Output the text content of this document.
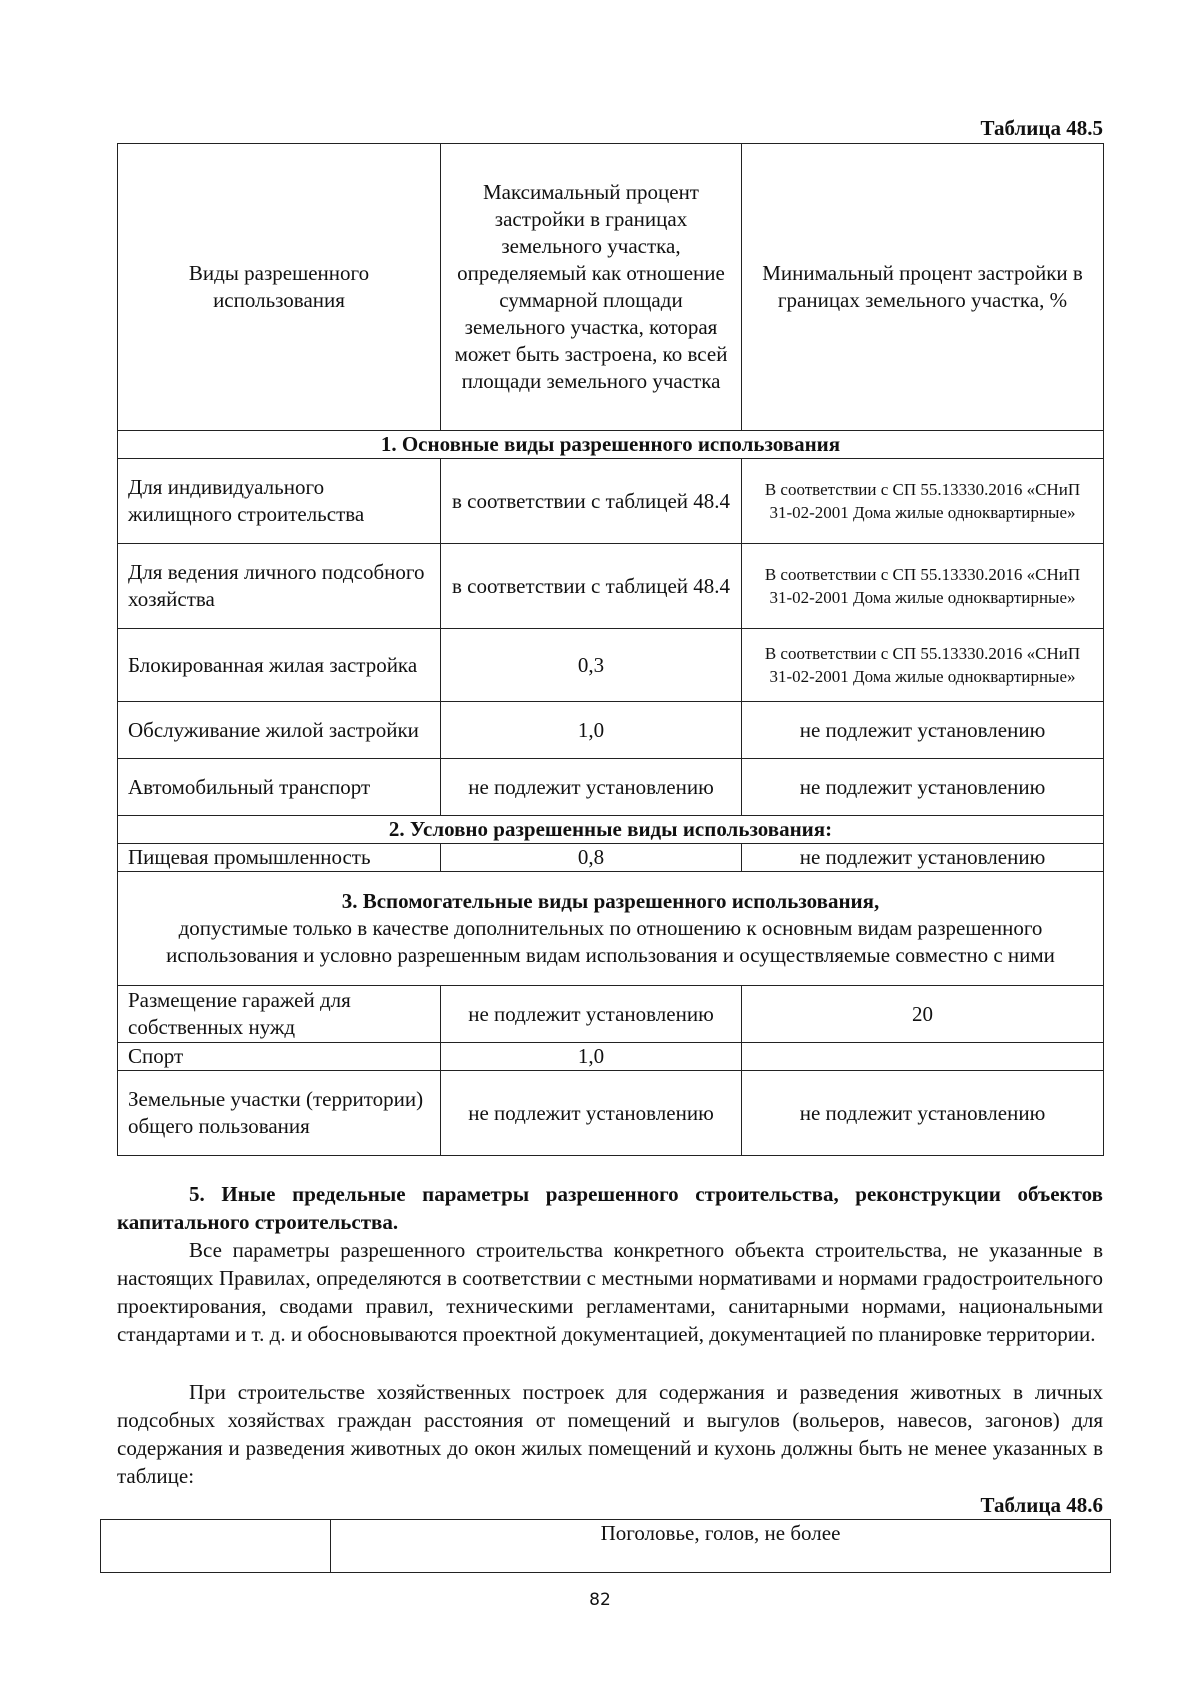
Таблица 48.5
Виды разрешенного использования	Максимальный процент застройки в границах земельного участка, определяемый как отношение суммарной площади земельного участка, которая может быть застроена, ко всей площади земельного участка	Минимальный процент застройки в границах земельного участка, %
1. Основные виды разрешенного использования		
Для индивидуального жилищного строительства	в соответствии с таблицей 48.4	В соответствии с СП 55.13330.2016 «СНиП 31-02-2001 Дома жилые одноквартирные»
Для ведения личного подсобного хозяйства	в соответствии с таблицей 48.4	В соответствии с СП 55.13330.2016 «СНиП 31-02-2001 Дома жилые одноквартирные»
Блокированная жилая застройка	0,3	В соответствии с СП 55.13330.2016 «СНиП 31-02-2001 Дома жилые одноквартирные»
Обслуживание жилой застройки	1,0	не подлежит установлению
Автомобильный транспорт	не подлежит установлению	не подлежит установлению
2. Условно разрешенные виды использования:		
Пищевая промышленность	0,8	не подлежит установлению

3. Вспомогательные виды разрешенного использования,
допустимые только в качестве дополнительных по отношению к основным видам разрешенного использования и условно разрешенным видам использования и осуществляемые совместно с ними		

Размещение гаражей для собственных нужд	не подлежит установлению	20
Спорт	1,0	
Земельные участки (территории) общего пользования	не подлежит установлению	не подлежит установлению
5. Иные предельные параметры разрешенного строительства, реконструкции объектов капитального строительства.
Все параметры разрешенного строительства конкретного объекта строительства, не указанные в настоящих Правилах, определяются в соответствии с местными нормативами и нормами градостроительного проектирования, сводами правил, техническими регламентами, санитарными нормами, национальными стандартами и т. д. и обосновываются проектной документацией, документацией по планировке территории.
При строительстве хозяйственных построек для содержания и разведения животных в личных подсобных хозяйствах граждан расстояния от помещений и выгулов (вольеров, навесов, загонов) для содержания и разведения животных до окон жилых помещений и кухонь должны быть не менее указанных в таблице:
Таблица 48.6
	Поголовье, голов, не более
82
